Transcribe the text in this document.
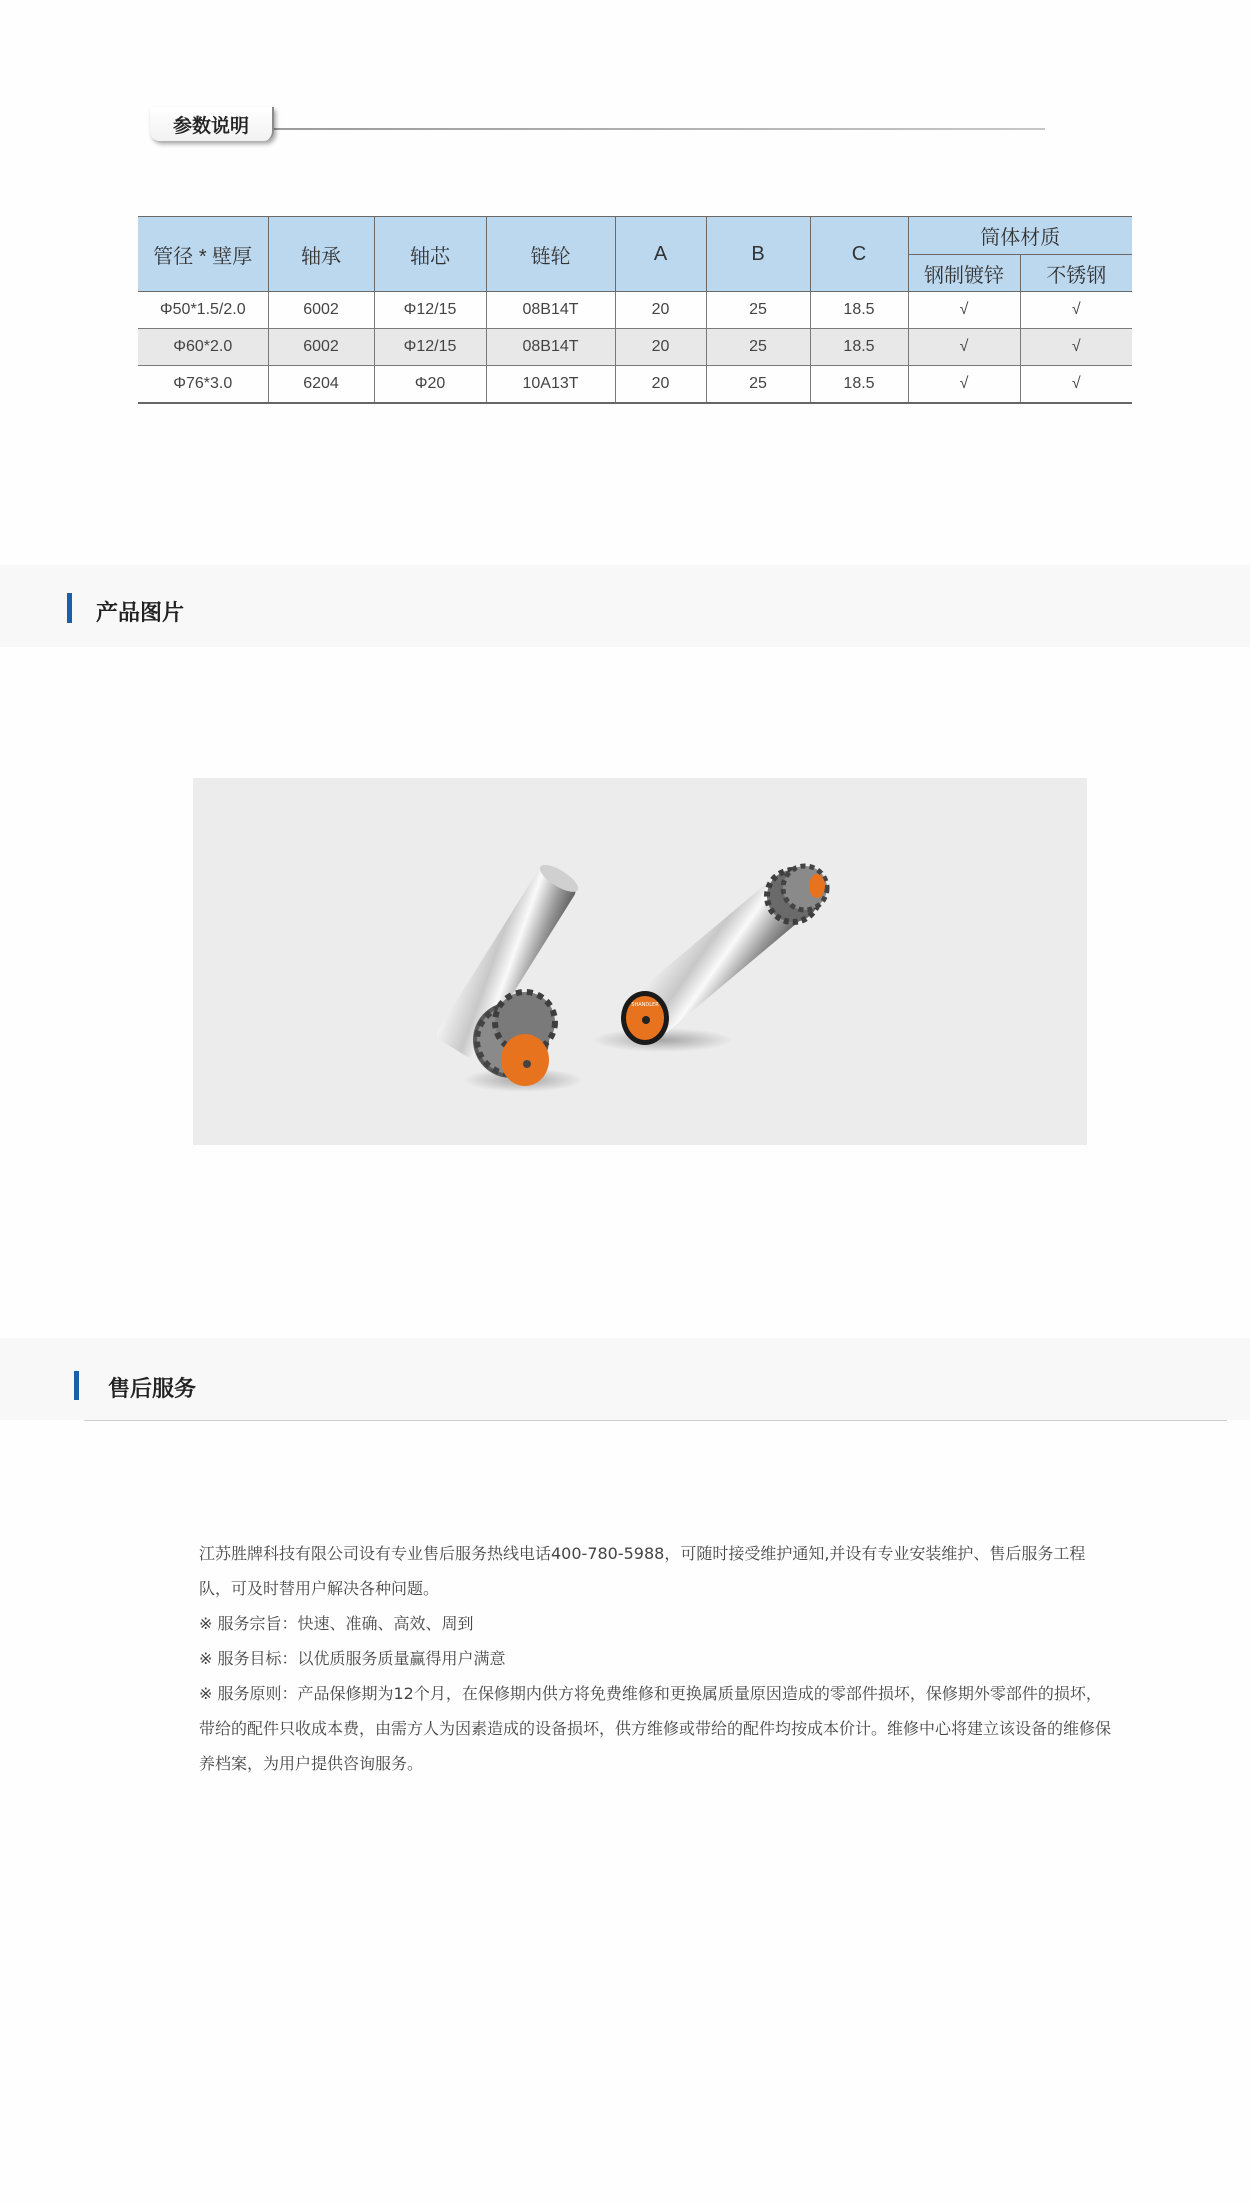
参数说明
管径 * 壁厚	轴承	轴芯	链轮	A	B	C	筒体材质	
							钢制镀锌	不锈钢
Φ50*1.5/2.0	6002	Φ12/15	08B14T	20	25	18.5	√	√
Φ60*2.0	6002	Φ12/15	08B14T	20	25	18.5	√	√
Φ76*3.0	6204	Φ20	10A13T	20	25	18.5	√	√
产品图片
SHANDLER
售后服务

江苏胜牌科技有限公司设有专业售后服务热线电话400-780-5988，可随时接受维护通知,并设有专业安装维护、售后服务工程队，可及时替用户解决各种问题。

※ 服务宗旨：快速、准确、高效、周到

※ 服务目标：以优质服务质量赢得用户满意

※ 服务原则：产品保修期为12个月，在保修期内供方将免费维修和更换属质量原因造成的零部件损坏，保修期外零部件的损坏，带给的配件只收成本费，由需方人为因素造成的设备损坏，供方维修或带给的配件均按成本价计。维修中心将建立该设备的维修保养档案，为用户提供咨询服务。
